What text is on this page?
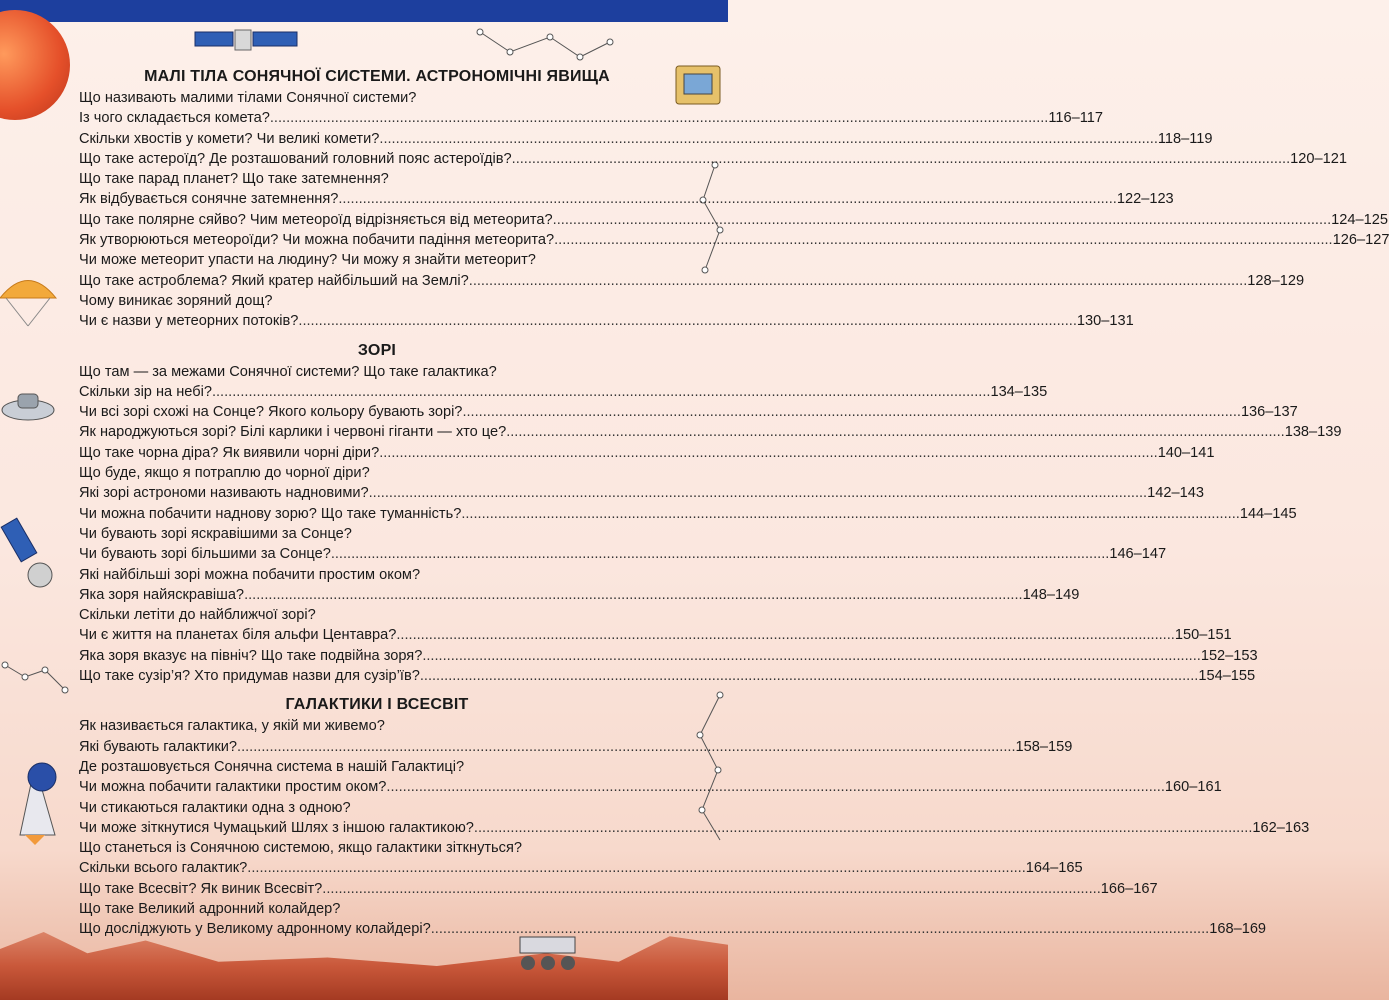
МАЛІ ТІЛА СОНЯЧНОЇ СИСТЕМИ. АСТРОНОМІЧНІ ЯВИЩА
Що називають малими тілами Сонячної системи?
Із чого складається комета? .....	116–117
Скільки хвостів у комети? Чи великі комети? .....	118–119
Що таке астероїд? Де розташований головний пояс астероїдів? .....	120–121
Що таке парад планет? Що таке затемнення?
Як відбувається сонячне затемнення? .....	122–123
Що таке полярне сяйво? Чим метеороїд відрізняється від метеорита? .....	124–125
Як утворюються метеороїди? Чи можна побачити падіння метеорита? .....	126–127
Чи може метеорит упасти на людину? Чи можу я знайти метеорит?
Що таке астроблема? Який кратер найбільший на Землі? .....	128–129
Чому виникає зоряний дощ?
Чи є назви у метеорних потоків? .....	130–131
ЗОРІ
Що там — за межами Сонячної системи? Що таке галактика?
Скільки зір на небі? .....	134–135
Чи всі зорі схожі на Сонце? Якого кольору бувають зорі? .....	136–137
Як народжуються зорі? Білі карлики і червоні гіганти — хто це? .....	138–139
Що таке чорна діра? Як виявили чорні діри? .....	140–141
Що буде, якщо я потраплю до чорної діри?
Які зорі астрономи називають надновими? .....	142–143
Чи можна побачити наднову зорю? Що таке туманність? .....	144–145
Чи бувають зорі яскравішими за Сонце?
Чи бувають зорі більшими за Сонце? .....	146–147
Які найбільші зорі можна побачити простим оком?
Яка зоря найяскравіша? .....	148–149
Скільки летіти до найближчої зорі?
Чи є життя на планетах біля альфи Центавра? .....	150–151
Яка зоря вказує на північ? Що таке подвійна зоря? .....	152–153
Що таке сузір’я? Хто придумав назви для сузір’їв? .....	154–155
ГАЛАКТИКИ І ВСЕСВІТ
Як називається галактика, у якій ми живемо?
Які бувають галактики? .....	158–159
Де розташовується Сонячна система в нашій Галактиці?
Чи можна побачити галактики простим оком? .....	160–161
Чи стикаються галактики одна з одною?
Чи може зіткнутися Чумацький Шлях з іншою галактикою? .....	162–163
Що станеться із Сонячною системою, якщо галактики зіткнуться?
Скільки всього галактик? .....	164–165
Що таке Всесвіт? Як виник Всесвіт? .....	166–167
Що таке Великий адронний колайдер?
Що досліджують у Великому адронному колайдері? .....	168–169
